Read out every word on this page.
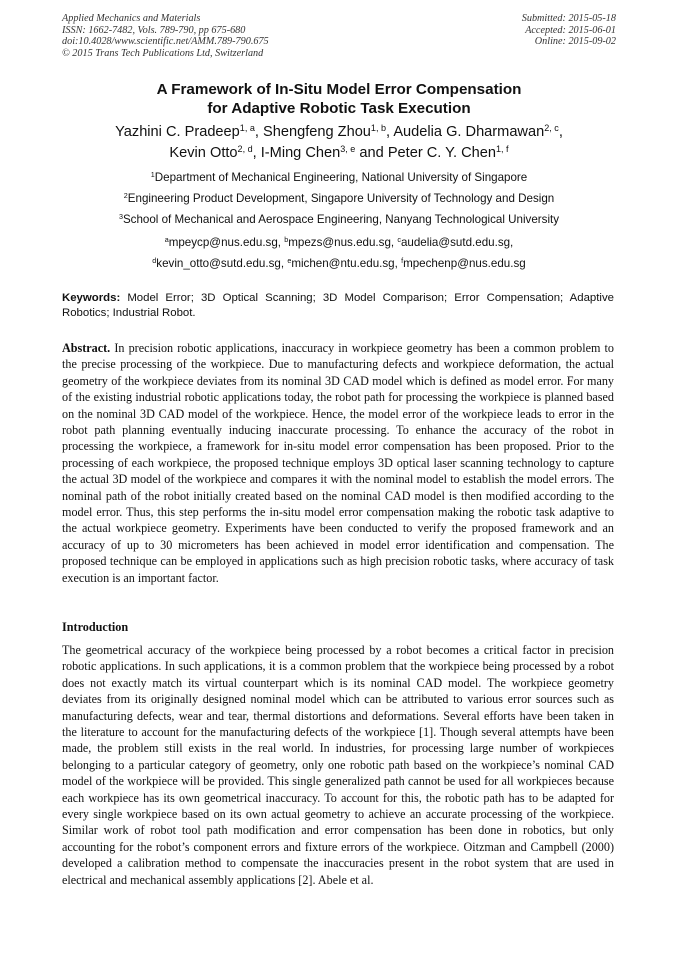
Applied Mechanics and Materials
ISSN: 1662-7482, Vols. 789-790, pp 675-680
doi:10.4028/www.scientific.net/AMM.789-790.675
© 2015 Trans Tech Publications Ltd, Switzerland
Submitted: 2015-05-18
Accepted: 2015-06-01
Online: 2015-09-02
A Framework of In-Situ Model Error Compensation
for Adaptive Robotic Task Execution
Yazhini C. Pradeep$^{1, a}$, Shengfeng Zhou$^{1, b}$, Audelia G. Dharmawan$^{2, c}$,
Kevin Otto$^{2, d}$, I-Ming Chen$^{3, e}$ and Peter C. Y. Chen$^{1, f}$
$^1$Department of Mechanical Engineering, National University of Singapore
$^2$Engineering Product Development, Singapore University of Technology and Design
$^3$School of Mechanical and Aerospace Engineering, Nanyang Technological University
$^a$mpeycp@nus.edu.sg, $^b$mpezs@nus.edu.sg, $^c$audelia@sutd.edu.sg,
$^d$kevin_otto@sutd.edu.sg, $^e$michen@ntu.edu.sg, $^f$mpechenp@nus.edu.sg

Keywords: Model Error; 3D Optical Scanning; 3D Model Comparison; Error Compensation; Adaptive Robotics; Industrial Robot.

Abstract. In precision robotic applications, inaccuracy in workpiece geometry has been a common problem to the precise processing of the workpiece. Due to manufacturing defects and workpiece deformation, the actual geometry of the workpiece deviates from its nominal 3D CAD model which is defined as model error. For many of the existing industrial robotic applications today, the robot path for processing the workpiece is planned based on the nominal 3D CAD model of the workpiece. Hence, the model error of the workpiece leads to error in the robot path planning eventually inducing inaccurate processing. To enhance the accuracy of the robot in processing the workpiece, a framework for in-situ model error compensation has been proposed. Prior to the processing of each workpiece, the proposed technique employs 3D optical laser scanning technology to capture the actual 3D model of the workpiece and compares it with the nominal model to establish the model errors. The nominal path of the robot initially created based on the nominal CAD model is then modified according to the model error. Thus, this step performs the in-situ model error compensation making the robotic task adaptive to the actual workpiece geometry. Experiments have been conducted to verify the proposed framework and an accuracy of up to 30 micrometers has been achieved in model error identification and compensation. The proposed technique can be employed in applications such as high precision robotic tasks, where accuracy of task execution is an important factor.

Introduction

The geometrical accuracy of the workpiece being processed by a robot becomes a critical factor in precision robotic applications. In such applications, it is a common problem that the workpiece being processed by a robot does not exactly match its virtual counterpart which is its nominal CAD model. The workpiece geometry deviates from its originally designed nominal model which can be attributed to various error sources such as manufacturing defects, wear and tear, thermal distortions and deformations. Several efforts have been taken in the literature to account for the manufacturing defects of the workpiece [1]. Though several attempts have been made, the problem still exists in the real world. In industries, for processing large number of workpieces belonging to a particular category of geometry, only one robotic path based on the workpiece’s nominal CAD model of the workpiece will be provided. This single generalized path cannot be used for all workpieces because each workpiece has its own geometrical inaccuracy. To account for this, the robotic path has to be adapted for every single workpiece based on its own actual geometry to achieve an accurate processing of the workpiece. Similar work of robot tool path modification and error compensation has been done in robotics, but only accounting for the robot’s component errors and fixture errors of the workpiece. Oitzman and Campbell (2000) developed a calibration method to compensate the inaccuracies present in the robot system that are used in electrical and mechanical assembly applications [2]. Abele et al.
